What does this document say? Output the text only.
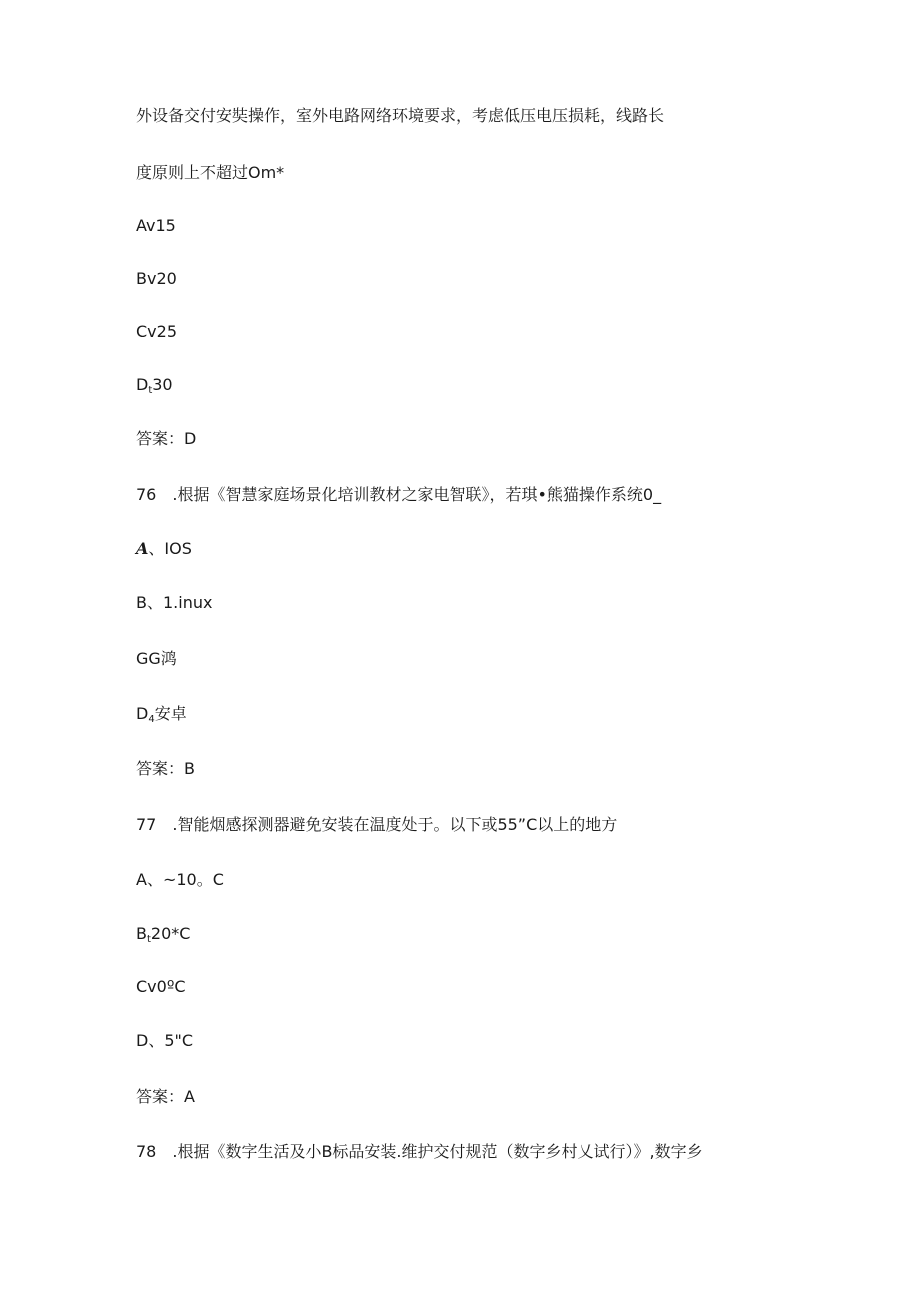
外设备交付安奘操作，室外电路网络环境要求，考虑低压电压损耗，线路长
度原则上不超过Om*
Av15
Bv20
Cv25
$D_t30$
答案：D
76　.根据《智慧家庭场景化培训教材之家电智联》，若琪•熊猫操作系统0_
A、IOS
B、1.inux
GG鸿
$D_4$安卓
答案：B
77　.智能烟感探测器避免安装在温度处于。以下或55”C以上的地方
A、~10。C
$B_t20*C$
Cv0ºC
D、5"C
答案：A
78　.根据《数字生活及小B标品安装.维护交付规范（数字乡村乂试行）》,数字乡
